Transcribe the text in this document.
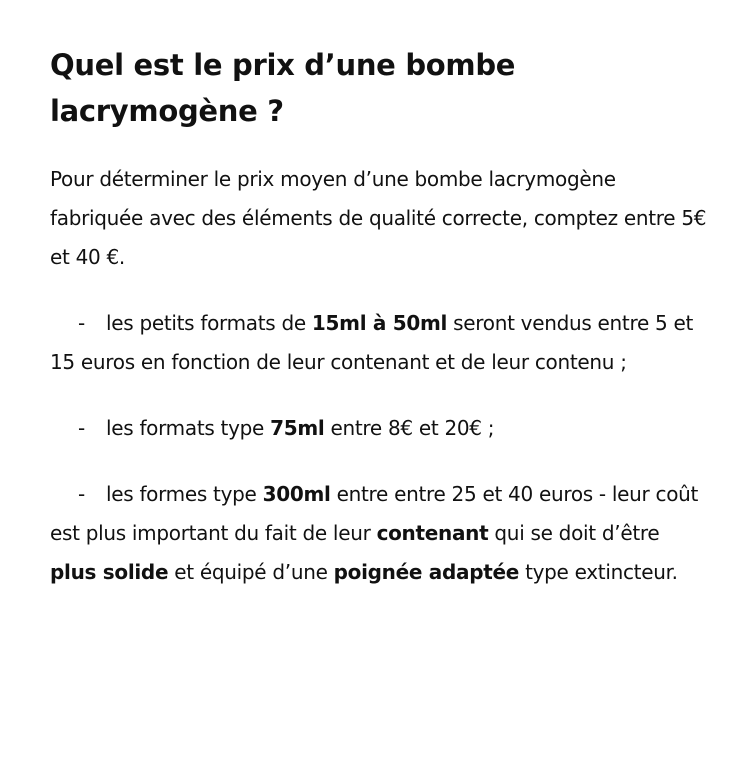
Quel est le prix d’une bombe lacrymogène ?

Pour déterminer le prix moyen d’une bombe lacrymogène fabriquée avec des éléments de qualité correcte, comptez entre 5€ et 40 €.

- les petits formats de 15ml à 50ml seront vendus entre 5 et 15 euros en fonction de leur contenant et de leur contenu ;

- les formats type 75ml entre 8€ et 20€ ;

- les formes type 300ml entre entre 25 et 40 euros - leur coût est plus important du fait de leur contenant qui se doit d’être plus solide et équipé d’une poignée adaptée type extincteur.
